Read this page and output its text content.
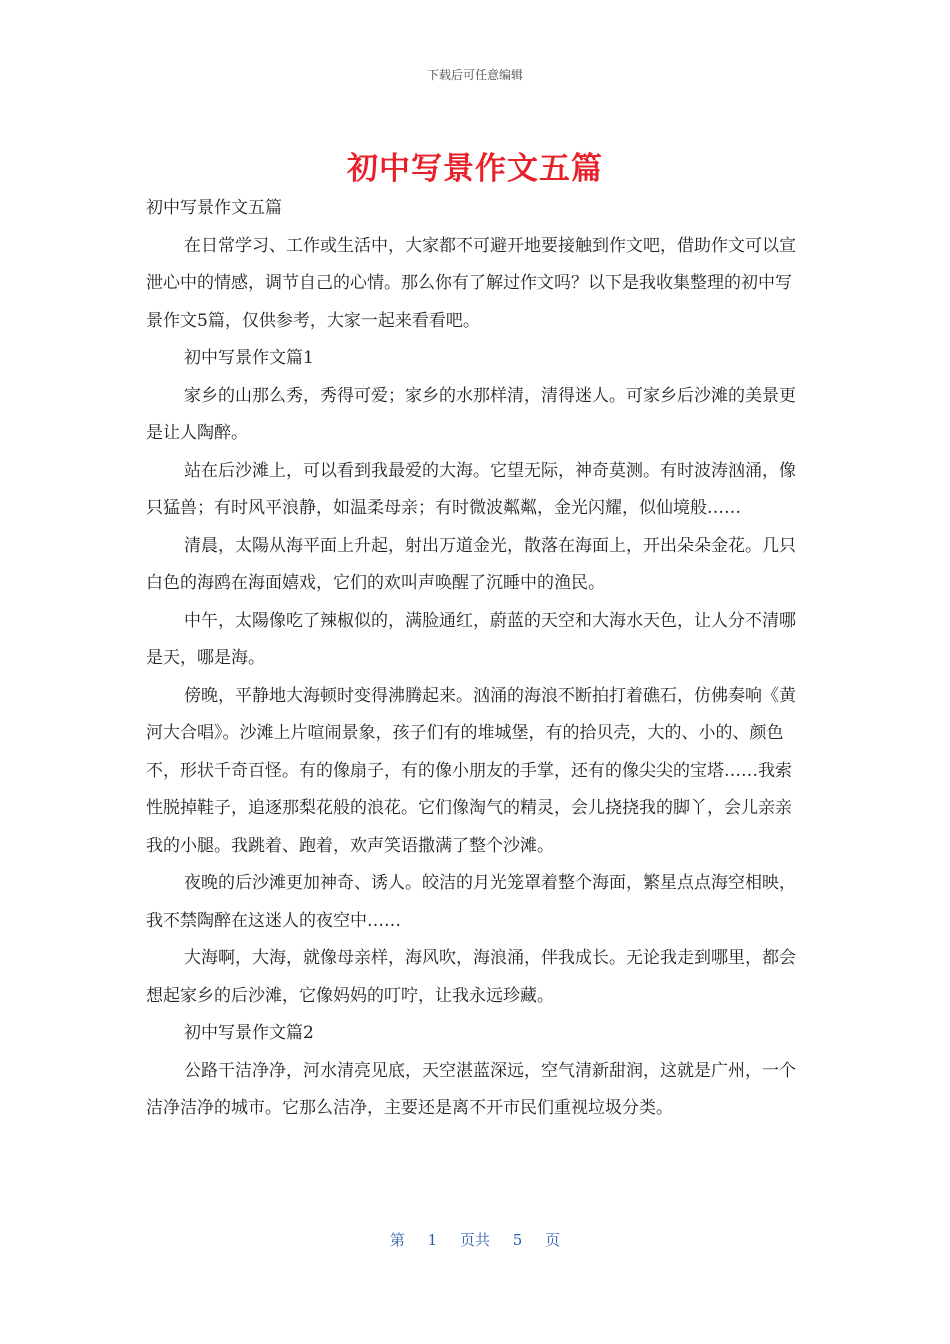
下载后可任意编辑
初中写景作文五篇

初中写景作文五篇

在日常学习、工作或生活中，大家都不可避开地要接触到作文吧，借助作文可以宣泄心中的情感，调节自己的心情。那么你有了解过作文吗？以下是我收集整理的初中写景作文5篇，仅供参考，大家一起来看看吧。

初中写景作文篇1

家乡的山那么秀，秀得可爱；家乡的水那样清，清得迷人。可家乡后沙滩的美景更是让人陶醉。

站在后沙滩上，可以看到我最爱的大海。它望无际，神奇莫测。有时波涛汹涌，像只猛兽；有时风平浪静，如温柔母亲；有时微波粼粼，金光闪耀，似仙境般……

清晨，太陽从海平面上升起，射出万道金光，散落在海面上，开出朵朵金花。几只白色的海鸥在海面嬉戏，它们的欢叫声唤醒了沉睡中的渔民。

中午，太陽像吃了辣椒似的，满脸通红，蔚蓝的天空和大海水天色，让人分不清哪是天，哪是海。

傍晚，平静地大海顿时变得沸腾起来。汹涌的海浪不断拍打着礁石，仿佛奏响《黄河大合唱》。沙滩上片喧闹景象，孩子们有的堆城堡，有的拾贝壳，大的、小的、颜色不，形状千奇百怪。有的像扇子，有的像小朋友的手掌，还有的像尖尖的宝塔……我索性脱掉鞋子，追逐那梨花般的浪花。它们像淘气的精灵，会儿挠挠我的脚丫，会儿亲亲我的小腿。我跳着、跑着，欢声笑语撒满了整个沙滩。

夜晚的后沙滩更加神奇、诱人。皎洁的月光笼罩着整个海面，繁星点点海空相映，我不禁陶醉在这迷人的夜空中……

大海啊，大海，就像母亲样，海风吹，海浪涌，伴我成长。无论我走到哪里，都会想起家乡的后沙滩，它像妈妈的叮咛，让我永远珍藏。

初中写景作文篇2

公路干洁净净，河水清亮见底，天空湛蓝深远，空气清新甜润，这就是广州，一个洁净洁净的城市。它那么洁净，主要还是离不开市民们重视垃圾分类。

第 1 页共 5 页
